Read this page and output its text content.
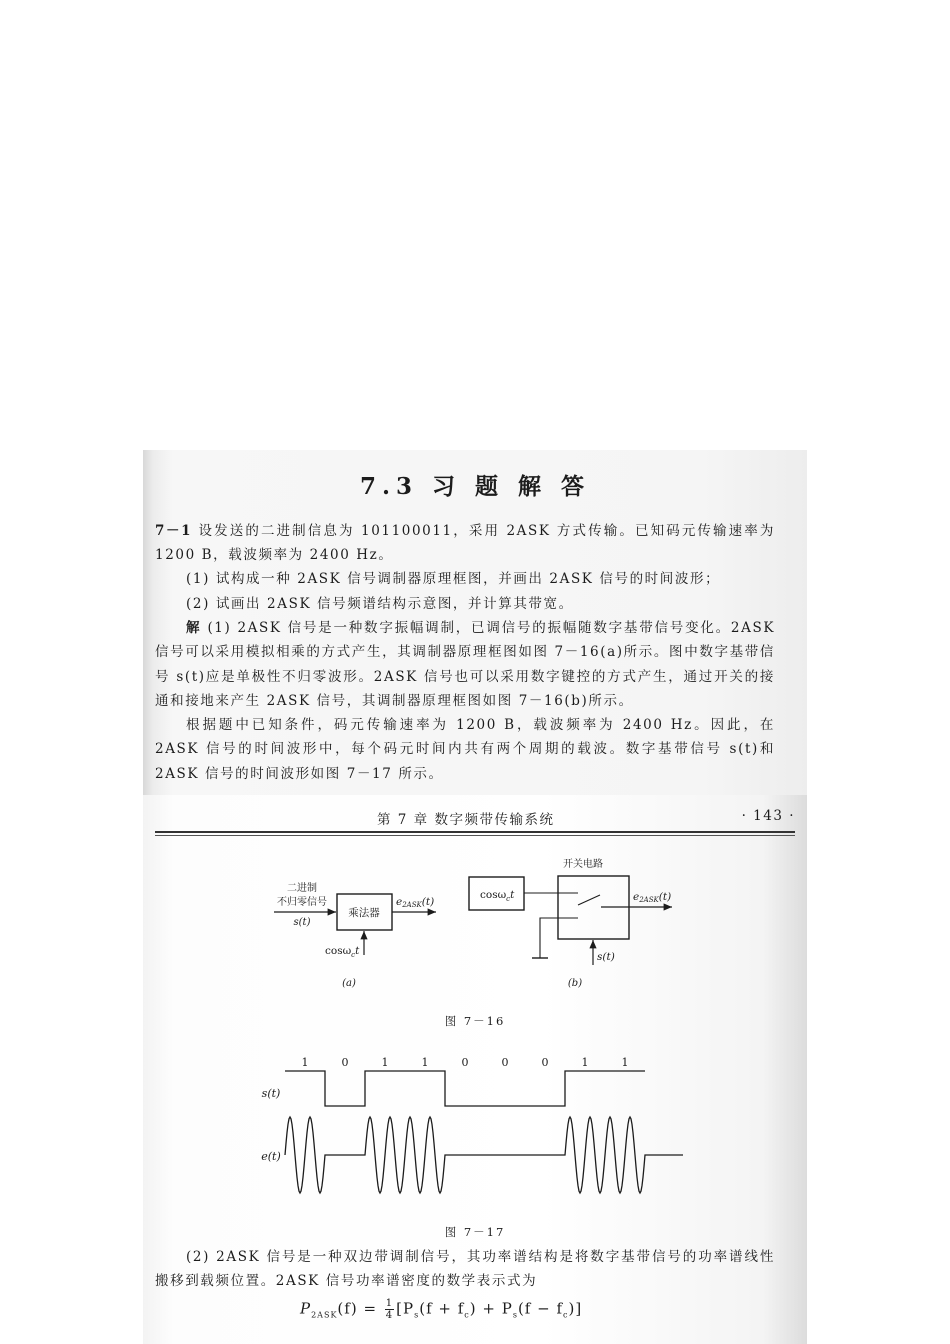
7.3 习 题 解 答

7－1 设发送的二进制信息为 101100011，采用 2ASK 方式传输。已知码元传输速率为 1200 B，载波频率为 2400 Hz。

(1) 试构成一种 2ASK 信号调制器原理框图，并画出 2ASK 信号的时间波形；

(2) 试画出 2ASK 信号频谱结构示意图，并计算其带宽。

解 (1) 2ASK 信号是一种数字振幅调制，已调信号的振幅随数字基带信号变化。2ASK 信号可以采用模拟相乘的方式产生，其调制器原理框图如图 7－16(a)所示。图中数字基带信号 s(t)应是单极性不归零波形。2ASK 信号也可以采用数字键控的方式产生，通过开关的接通和接地来产生 2ASK 信号，其调制器原理框图如图 7－16(b)所示。

根据题中已知条件，码元传输速率为 1200 B，载波频率为 2400 Hz。因此，在 2ASK 信号的时间波形中，每个码元时间内共有两个周期的载波。数字基带信号 s(t)和 2ASK 信号的时间波形如图 7－17 所示。

第 7 章 数字频带传输系统	· 143 ·
二进制
不归零信号
s(t)
乘法器
e2ASK(t)
cosω$_c$t
(a)
开关电路
cosω$_c$t	e2ASK(t)
s(t)
(b)
图 7－16
s(t)
e(t)
1	0	1	1	0	0	0	1	1
图 7－17

(2) 2ASK 信号是一种双边带调制信号，其功率谱结构是将数字基带信号的功率谱线性搬移到载频位置。2ASK 信号功率谱密度的数学表示式为

$P_{2ASK}(f) = \frac{1}{4} [P_s(f + f_c) + P_s(f - f_c)]$
